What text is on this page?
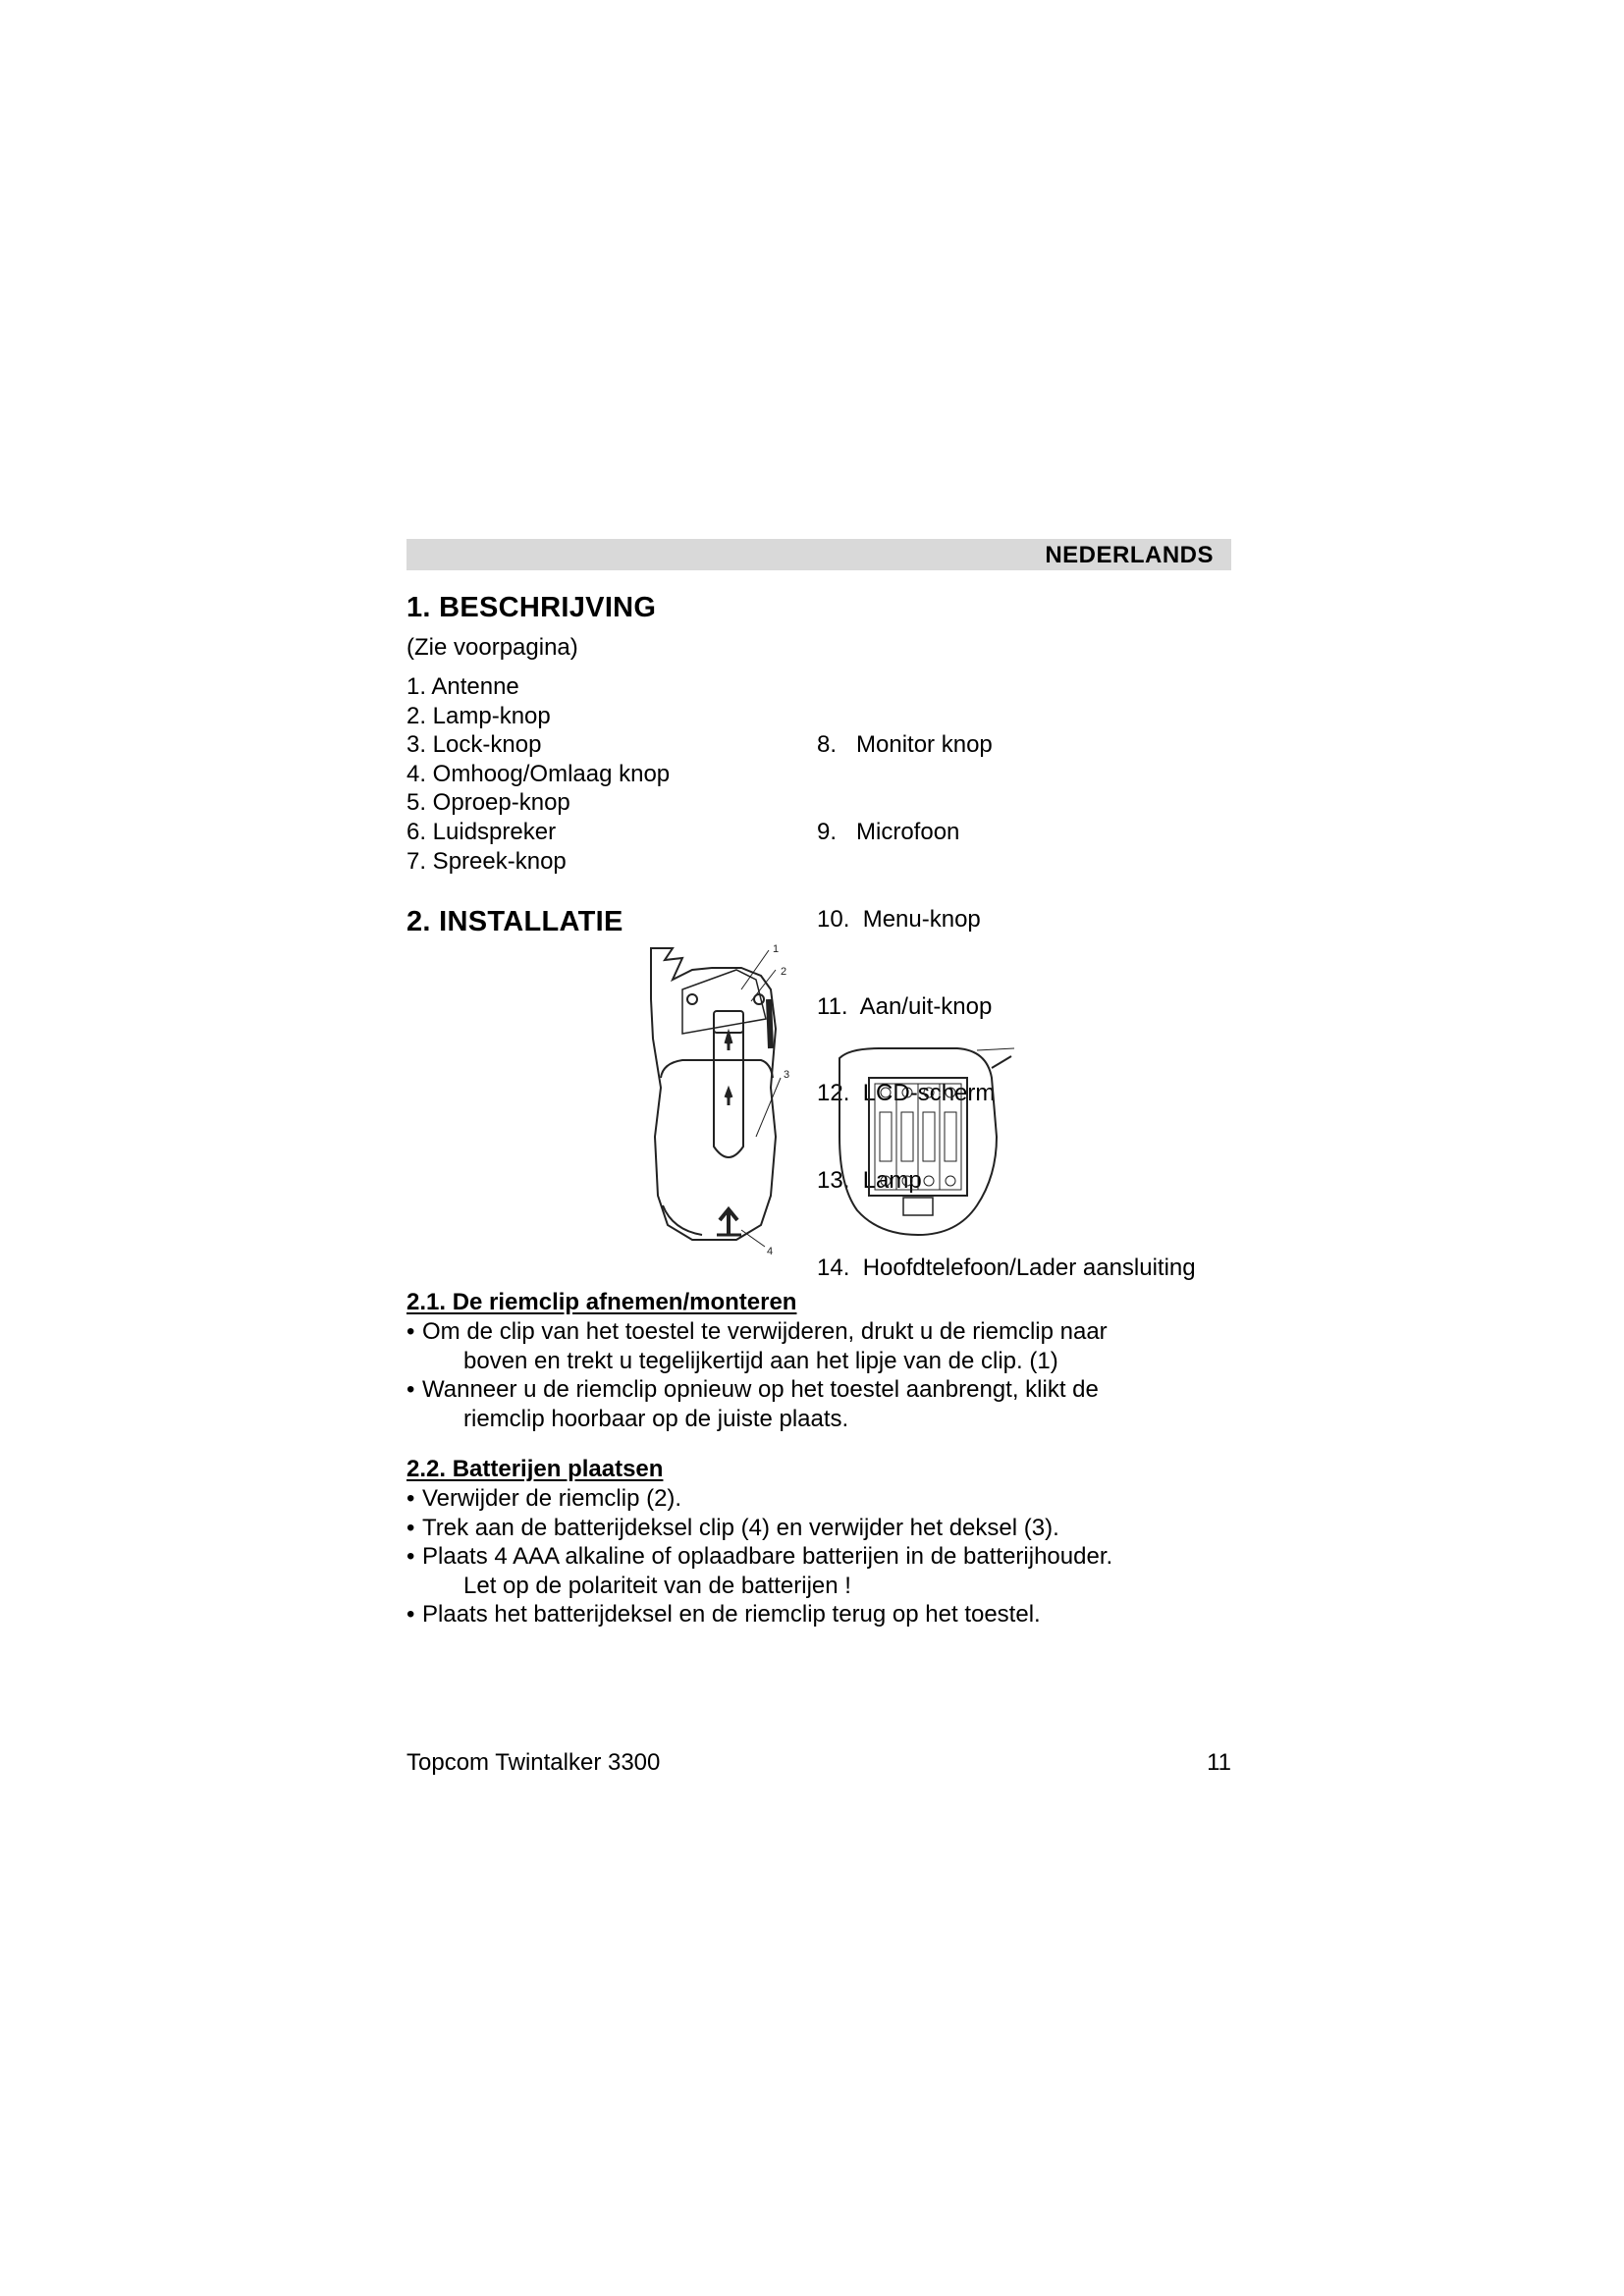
NEDERLANDS
1. BESCHRIJVING
(Zie voorpagina)
1. Antenne
2. Lamp-knop
3. Lock-knop
4. Omhoog/Omlaag knop
5. Oproep-knop
6. Luidspreker
7. Spreek-knop

8.   Monitor knop

9.   Microfoon

10.  Menu-knop

11.  Aan/uit-knop

12.  LCD-scherm

13.  Lamp

14.  Hoofdtelefoon/Lader aansluiting

2. INSTALLATIE
1
2
3
4
2.1. De riemclip afnemen/monteren
• Om de clip van het toestel te verwijderen, drukt u de riemclip naar
boven en trekt u tegelijkertijd aan het lipje van de clip. (1)
• Wanneer u de riemclip opnieuw op het toestel aanbrengt, klikt de
riemclip hoorbaar op de juiste plaats.
2.2. Batterijen plaatsen
• Verwijder de riemclip (2).
• Trek aan de batterijdeksel clip (4) en verwijder het deksel (3).
• Plaats 4 AAA alkaline of oplaadbare batterijen in de batterijhouder.
Let op de polariteit van de batterijen !
• Plaats het batterijdeksel en de riemclip terug op het toestel.
Topcom Twintalker 3300	11
